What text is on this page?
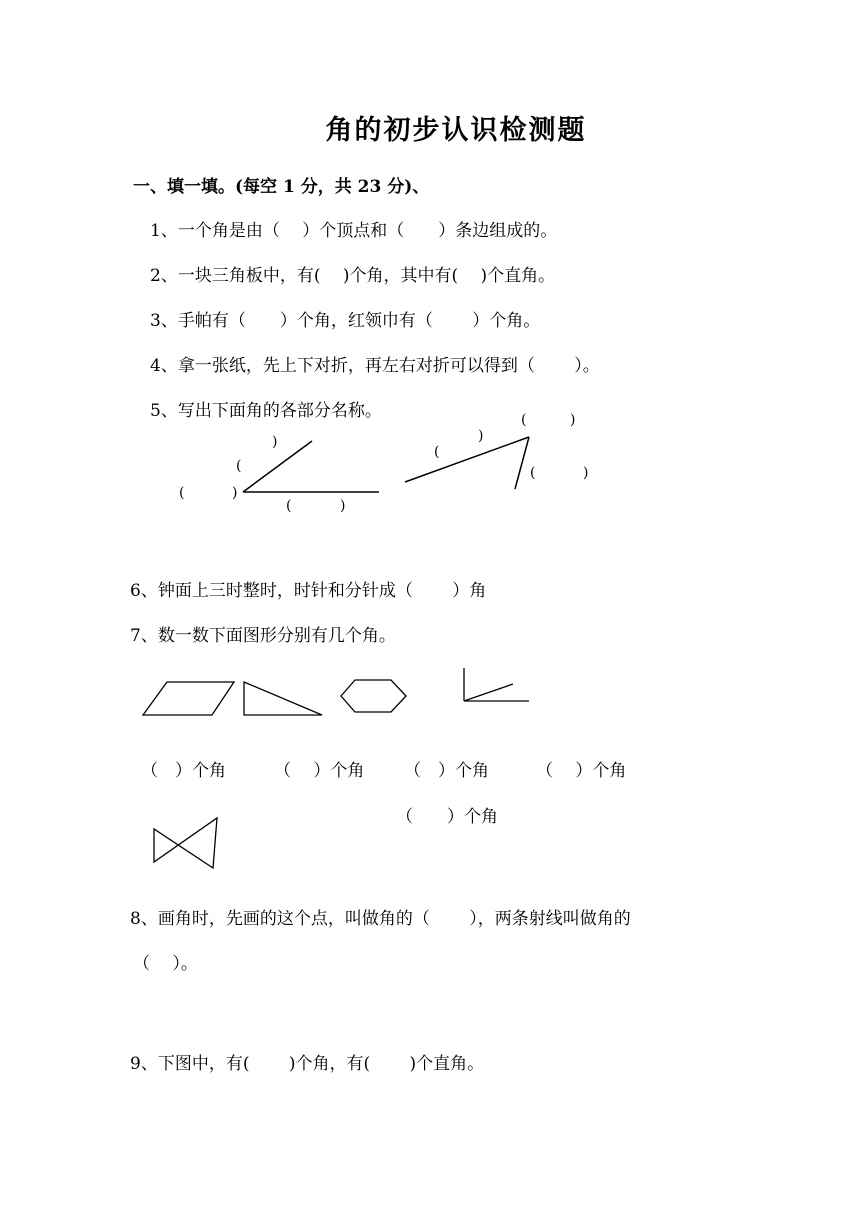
角的初步认识检测题
一、填一填。(每空 1 分，共 23 分)、
1、一个角是由（　 ）个顶点和（　　）条边组成的。
2、一块三角板中，有(　 )个角，其中有(　 )个直角。
3、手帕有（　　）个角，红领巾有（　　 ）个角。
4、拿一张纸，先上下对折，再左右对折可以得到（　　 ）。
5、写出下面角的各部分名称。
)
(
(	)
(	)
(	)
)
(
(	)
6、钟面上三时整时，时针和分针成（　　 ）角
7、数一数下面图形分别有几个角。
（　）个角	（　 ）个角 （　）个角	（　 ）个角
（　　）个角
8、画角时，先画的这个点，叫做角的（　　 ），两条射线叫做角的
（　 ）。
9、下图中，有(　　 )个角，有(　　 )个直角。
